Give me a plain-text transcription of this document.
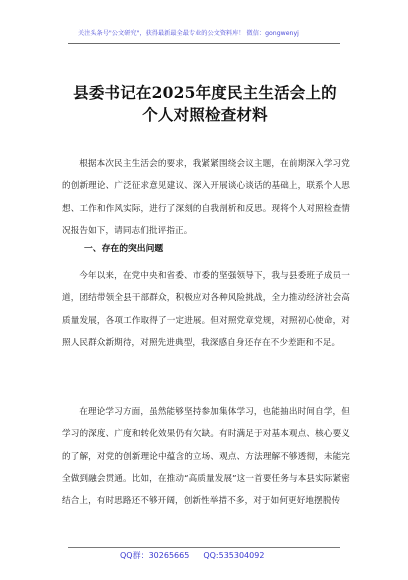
关注头条号"公文研究"，获得最新最全最专业的公文资料库！ 微信：gongwenyj
县委书记在2025年度民主生活会上的
个人对照检查材料
根据本次民主生活会的要求，我紧紧围绕会议主题，在前期深入学习党的创新理论、广泛征求意见建议、深入开展谈心谈话的基础上，联系个人思想、工作和作风实际，进行了深刻的自我剖析和反思。现将个人对照检查情况报告如下，请同志们批评指正。
一、存在的突出问题
今年以来，在党中央和省委、市委的坚强领导下，我与县委班子成员一道，团结带领全县干部群众，积极应对各种风险挑战，全力推动经济社会高质量发展，各项工作取得了一定进展。但对照党章党规，对照初心使命，对照人民群众新期待，对照先进典型，我深感自身还存在不少差距和不足。
在理论学习方面，虽然能够坚持参加集体学习，也能抽出时间自学，但学习的深度、广度和转化效果仍有欠缺。有时满足于对基本观点、核心要义的了解，对党的创新理论中蕴含的立场、观点、方法理解不够透彻，未能完全做到融会贯通。比如，在推动“高质量发展”这一首要任务与本县实际紧密结合上，有时思路还不够开阔，创新性举措不多，对于如何更好地摆脱传
QQ群：30265665 QQ:535304092
